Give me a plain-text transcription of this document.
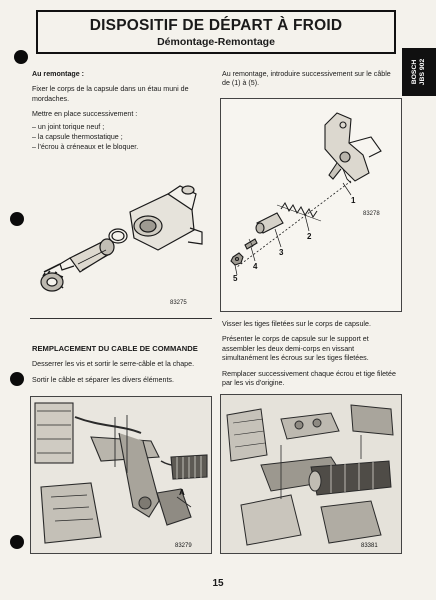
DISPOSITIF DE DÉPART À FROID
Démontage-Remontage
BOSCH JBS 902

Au remontage :

Fixer le corps de la capsule dans un étau muni de mordaches.

Mettre en place successivement :

– un joint torique neuf ;
– la capsule thermostatique ;
– l'écrou à créneaux et le bloquer.
83275
REMPLACEMENT DU CABLE DE COMMANDE

Desserrer les vis et sortir le serre-câble et la chape.

Sortir le câble et séparer les divers éléments.

A
83279

Au remontage, introduire successivement sur le câble de (1) à (5).

1
2
3
4
5
83278

Visser les tiges filetées sur le corps de capsule.

Présenter le corps de capsule sur le support et assembler les deux demi-corps en vissant simultanément les écrous sur les tiges filetées.

Remplacer successivement chaque écrou et tige filetée par les vis d'origine.

83381
15
